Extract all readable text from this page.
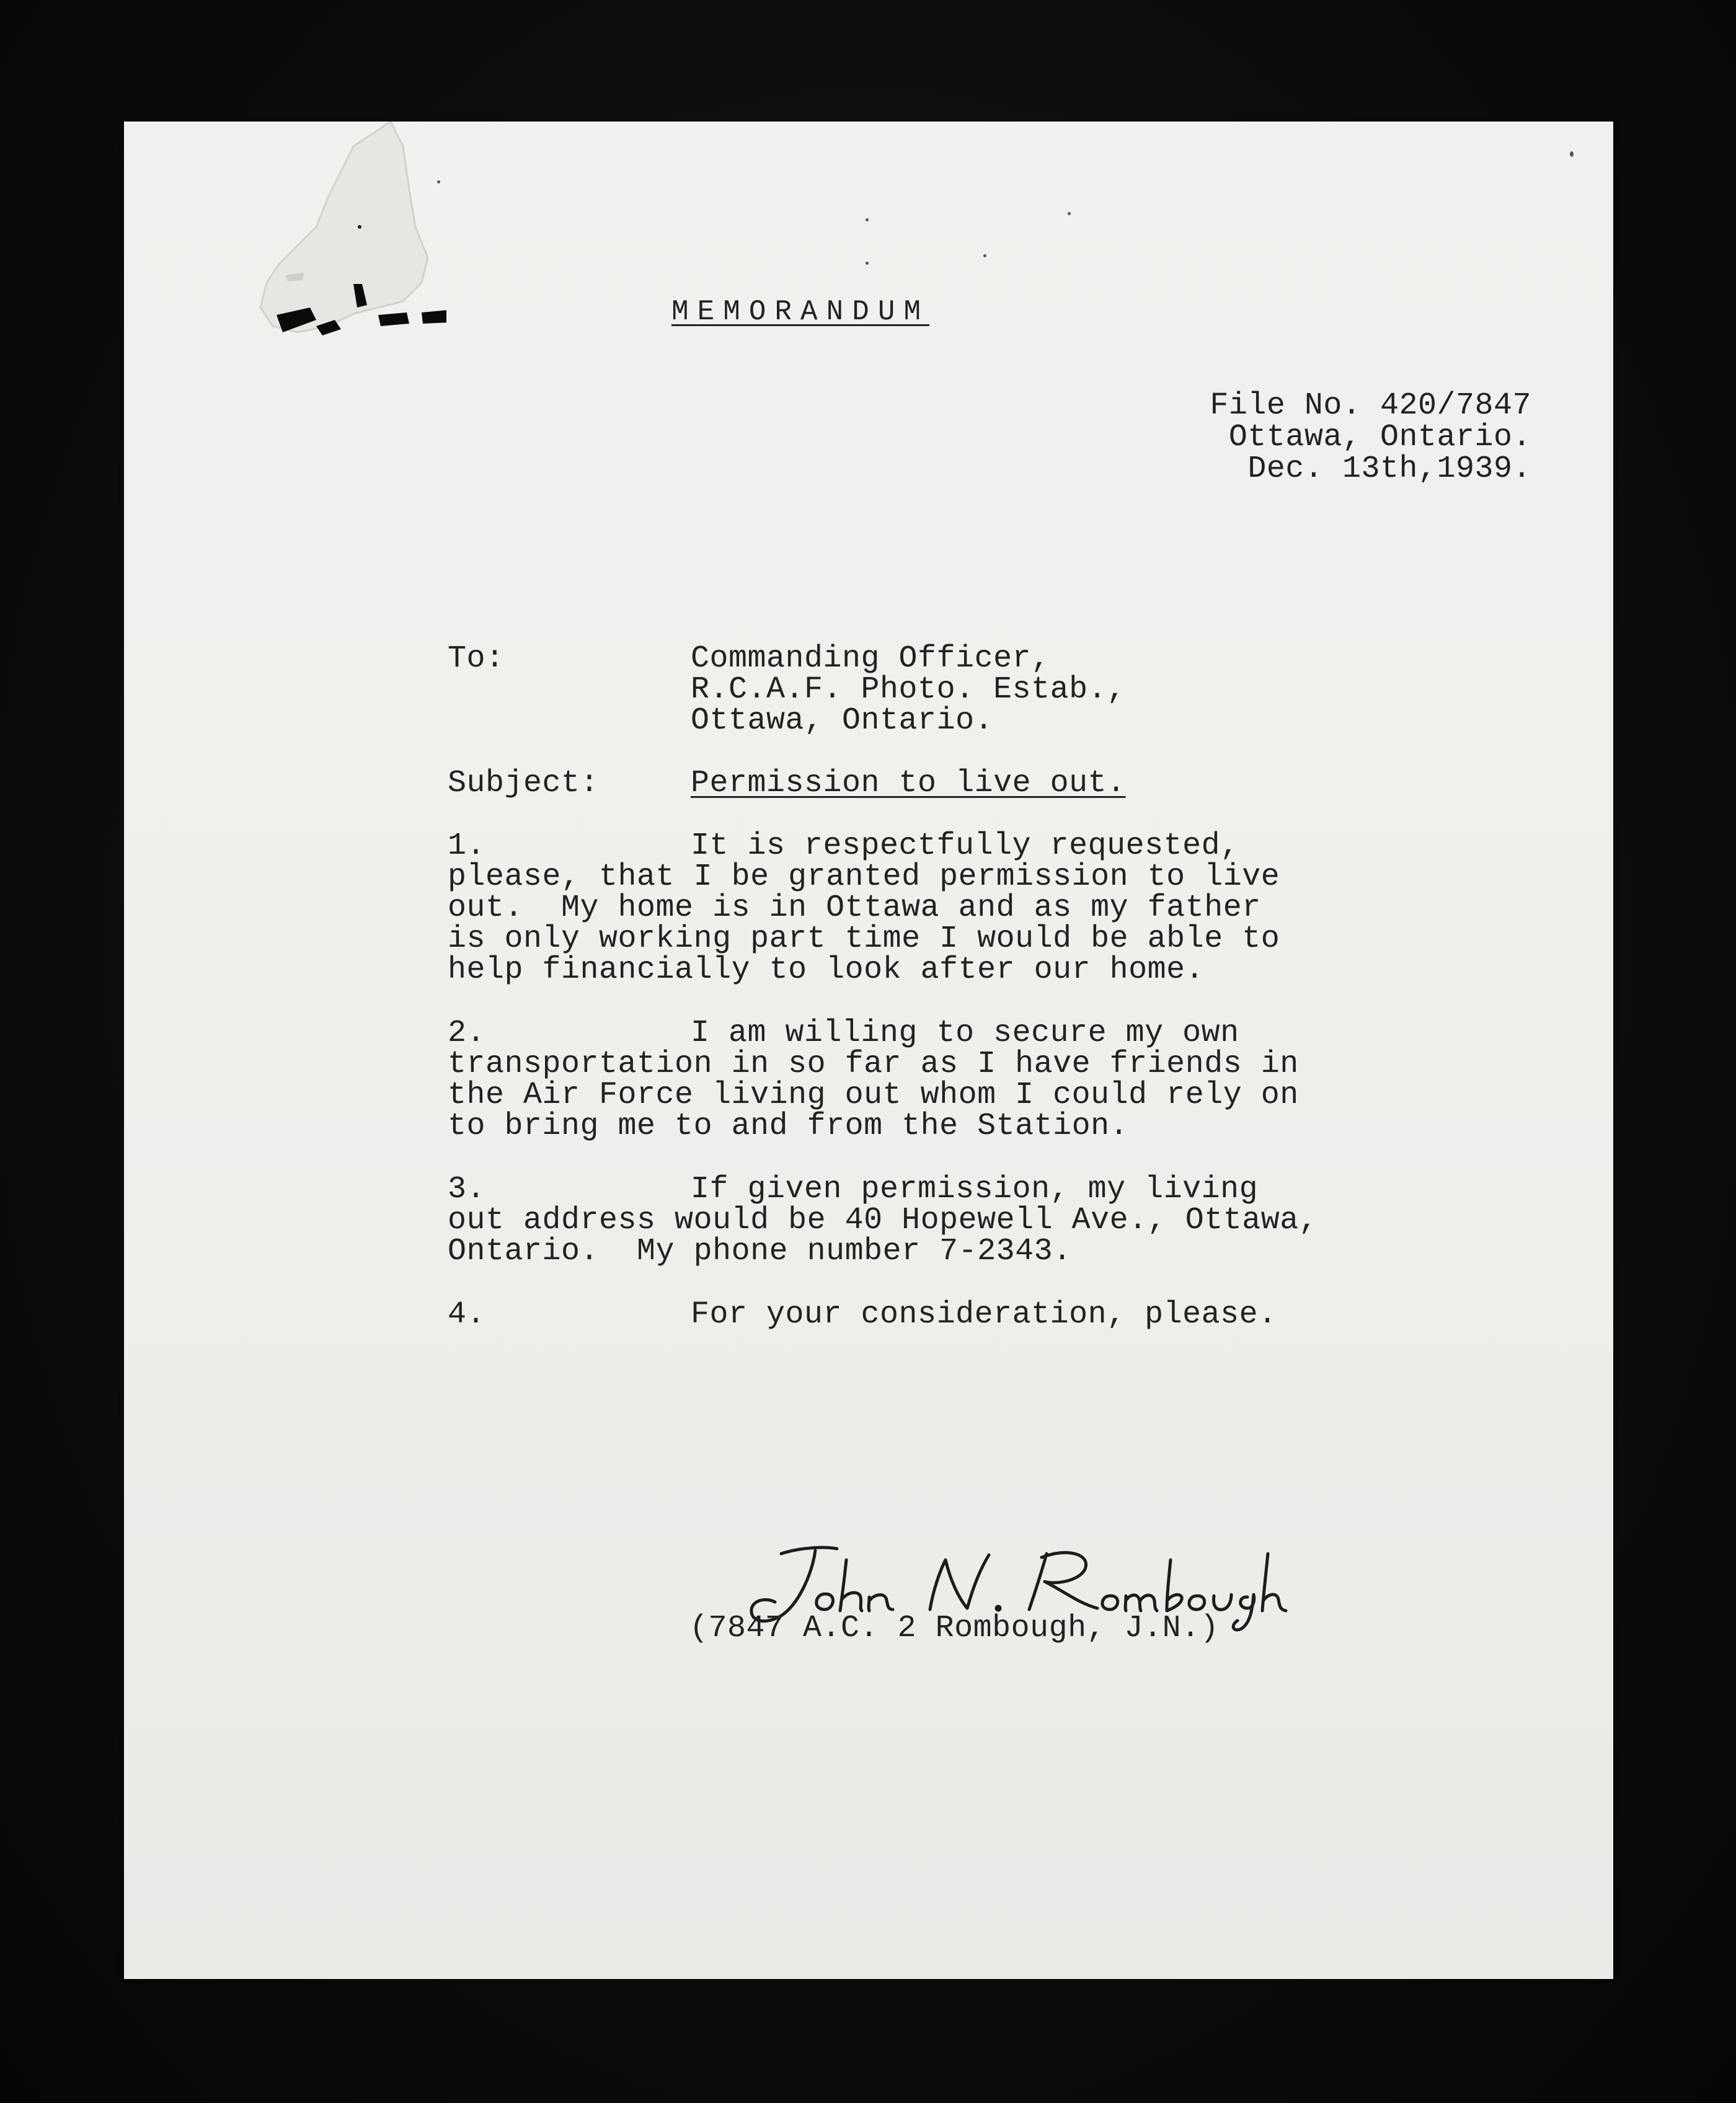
MEMORANDUM
File No. 420/7847
Ottawa, Ontario.
Dec. 13th,1939.
To:	Commanding Officer,
R.C.A.F. Photo. Estab.,
Ottawa, Ontario.
Subject:	Permission to live out.
1.	It is respectfully requested,
please, that I be granted permission to live
out.  My home is in Ottawa and as my father
is only working part time I would be able to
help financially to look after our home.
2.	I am willing to secure my own
transportation in so far as I have friends in
the Air Force living out whom I could rely on
to bring me to and from the Station.
3.	If given permission, my living
out address would be 40 Hopewell Ave., Ottawa,
Ontario.  My phone number 7-2343.
4.	For your consideration, please.
(7847 A.C. 2 Rombough, J.N.)
